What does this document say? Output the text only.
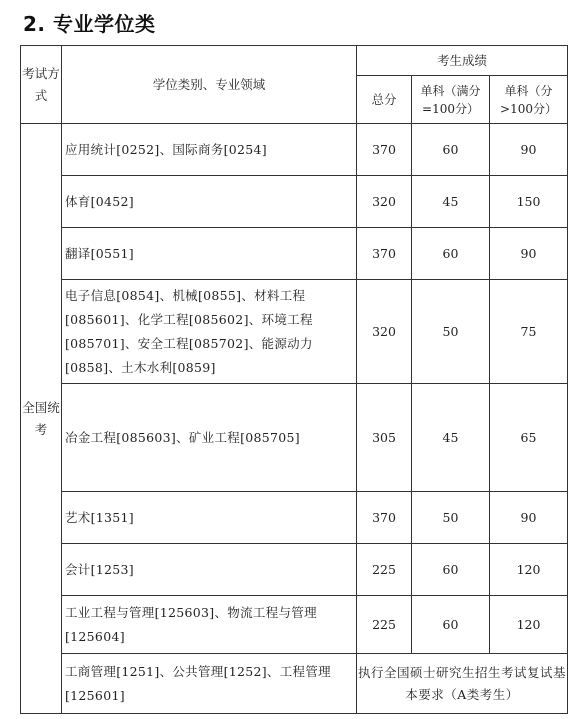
2. 专业学位类
考试方式	学位类别、专业领域	考生成绩		
		总分	单科（满分=100分）	单科（分>100分）
全国统考	应用统计[0252]、国际商务[0254]	370	60	90
	体育[0452]	320	45	150
	翻译[0551]	370	60	90
	电子信息[0854]、机械[0855]、材料工程[085601]、化学工程[085602]、环境工程[085701]、安全工程[085702]、能源动力[0858]、土木水利[0859]	320	50	75
	冶金工程[085603]、矿业工程[085705]	305	45	65
	艺术[1351]	370	50	90
	会计[1253]	225	60	120
	工业工程与管理[125603]、物流工程与管理[125604]	225	60	120
	工商管理[1251]、公共管理[1252]、工程管理[125601]	执行全国硕士研究生招生考试复试基本要求（A类考生）		
